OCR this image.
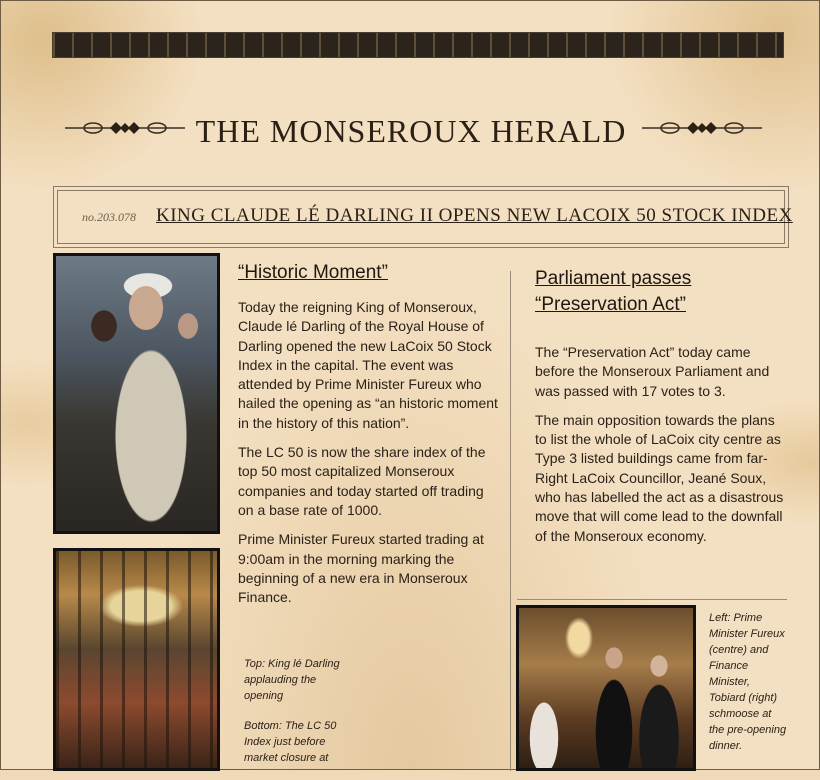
THE MONSEROUX HERALD
no.203.078 KING CLAUDE LÉ DARLING II OPENS NEW LACOIX 50 STOCK INDEX
“Historic Moment”

Today the reigning King of Monseroux, Claude lé Darling of the Royal House of Darling opened the new LaCoix 50 Stock Index in the capital. The event was attended by Prime Minister Fureux who hailed the opening as “an historic moment in the history of this nation”.

The LC 50 is now the share index of the top 50 most capitalized Monseroux companies and today started off trading on a base rate of 1000.

Prime Minister Fureux started trading at 9:00am in the morning marking the beginning of a new era in Monseroux Finance.

Top: King lé Darling applauding the opening

Bottom: The LC 50 Index just before market closure at

Parliament passes “Preservation Act”

The “Preservation Act” today came before the Monseroux Parliament and was passed with 17 votes to 3.

The main opposition towards the plans to list the whole of LaCoix city centre as Type 3 listed buildings came from far-Right LaCoix Councillor, Jeané Soux, who has labelled the act as a disastrous move that will come lead to the downfall of the Monseroux economy.

Left: Prime Minister Fureux (centre) and Finance Minister, Tobiard (right) schmoose at the pre-opening dinner.
